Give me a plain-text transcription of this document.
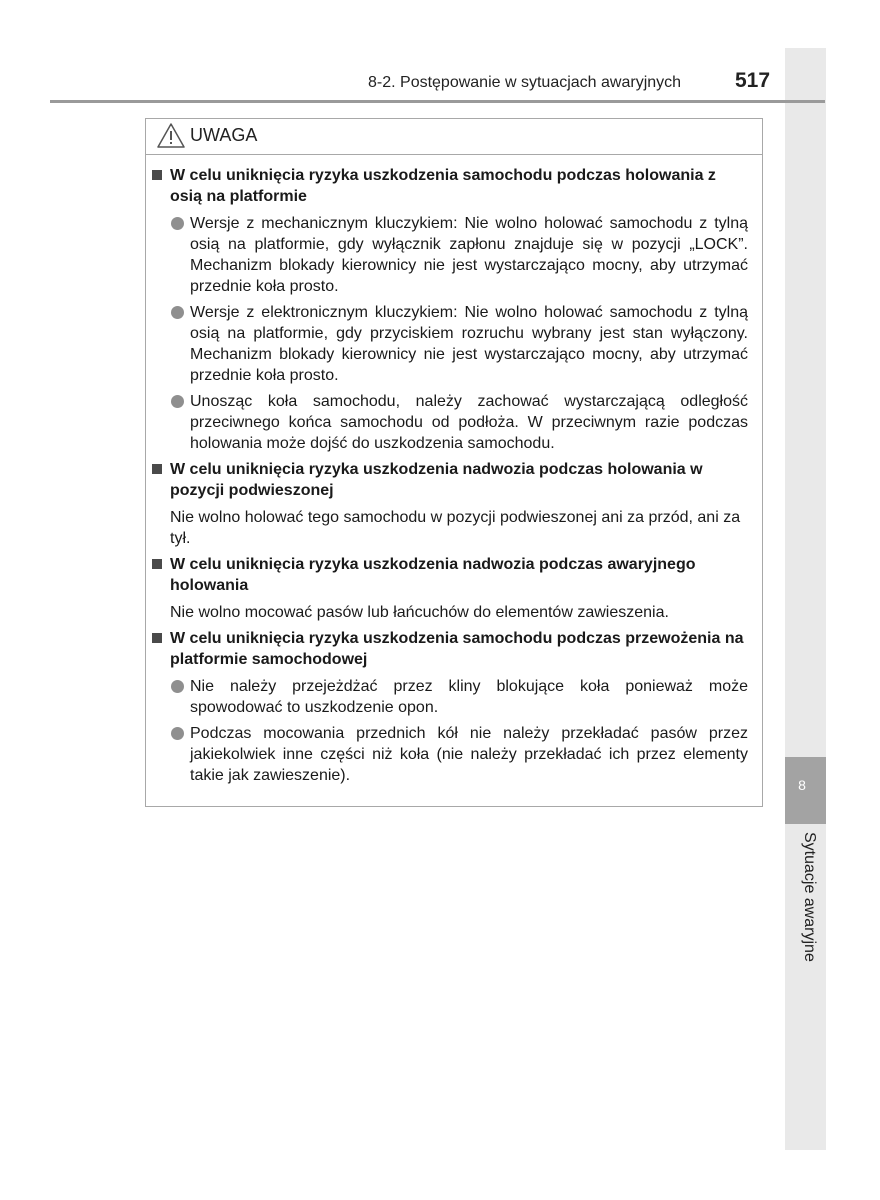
8
Sytuacje awaryjne
8-2. Postępowanie w sytuacjach awaryjnych	517
UWAGA
W celu uniknięcia ryzyka uszkodzenia samochodu podczas holowania z osią na platformie
Wersje z mechanicznym kluczykiem: Nie wolno holować samochodu z tylną osią na platformie, gdy wyłącznik zapłonu znajduje się w pozycji „LOCK”. Mechanizm blokady kierownicy nie jest wystarczająco mocny, aby utrzymać przednie koła prosto.
Wersje z elektronicznym kluczykiem: Nie wolno holować samochodu z tylną osią na platformie, gdy przyciskiem rozruchu wybrany jest stan wyłączony. Mechanizm blokady kierownicy nie jest wystarczająco mocny, aby utrzymać przednie koła prosto.
Unosząc koła samochodu, należy zachować wystarczającą odległość przeciwnego końca samochodu od podłoża. W przeciwnym razie podczas holowania może dojść do uszkodzenia samochodu.
W celu uniknięcia ryzyka uszkodzenia nadwozia podczas holowania w pozycji podwieszonej
Nie wolno holować tego samochodu w pozycji podwieszonej ani za przód, ani za tył.
W celu uniknięcia ryzyka uszkodzenia nadwozia podczas awaryjnego holowania
Nie wolno mocować pasów lub łańcuchów do elementów zawieszenia.
W celu uniknięcia ryzyka uszkodzenia samochodu podczas przewożenia na platformie samochodowej
Nie należy przejeżdżać przez kliny blokujące koła ponieważ może spowodować to uszkodzenie opon.
Podczas mocowania przednich kół nie należy przekładać pasów przez jakiekolwiek inne części niż koła (nie należy przekładać ich przez elementy takie jak zawieszenie).
